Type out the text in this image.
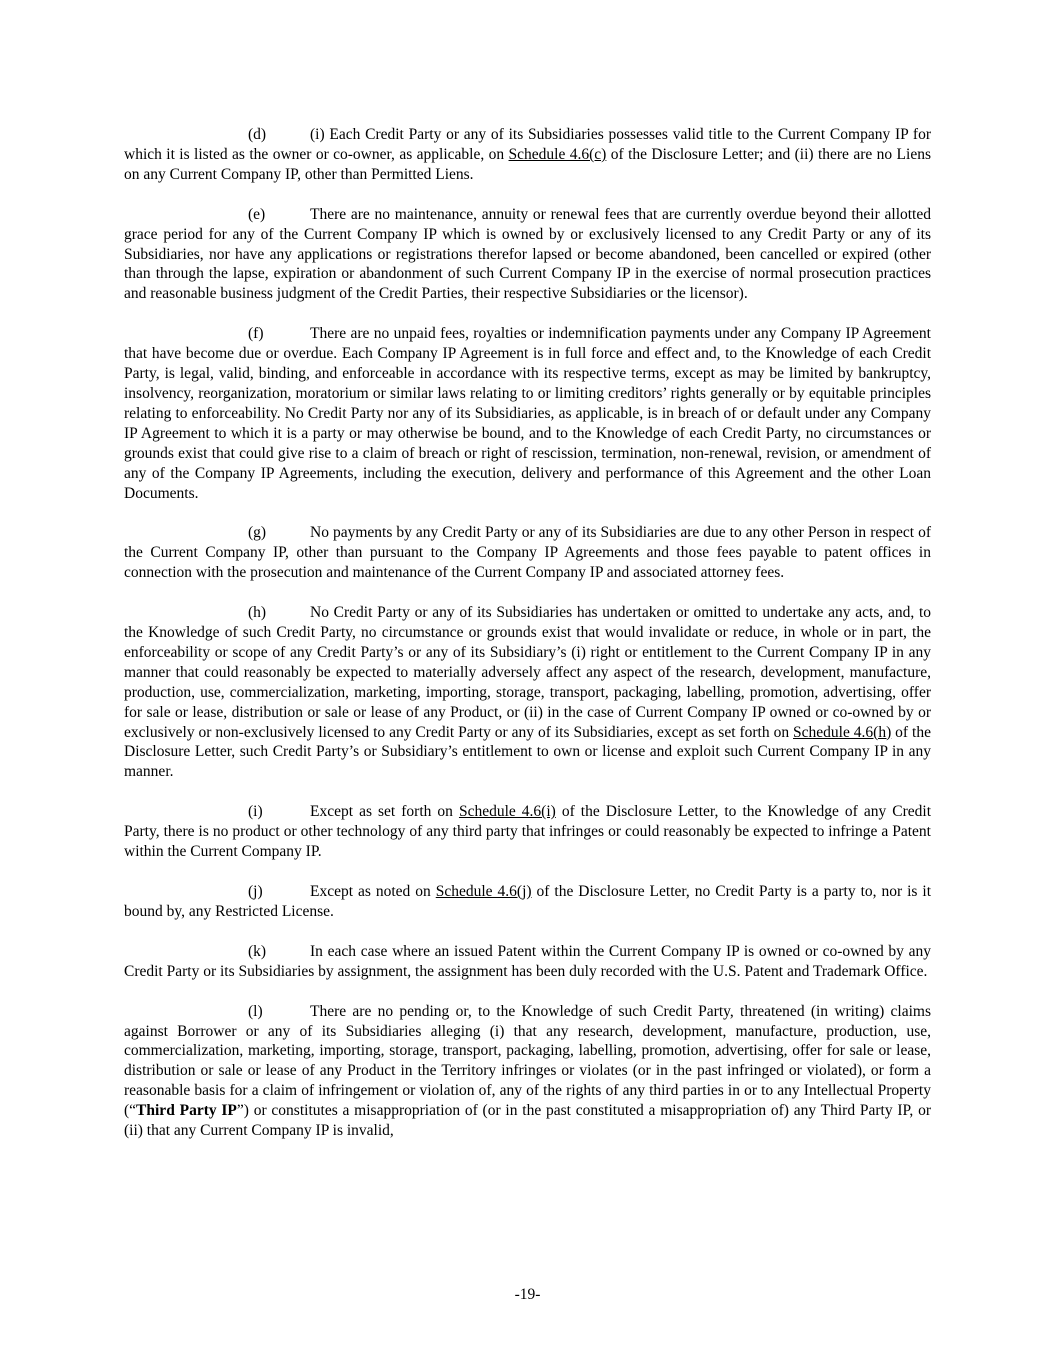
(d)	(i) Each Credit Party or any of its Subsidiaries possesses valid title to the Current Company IP for which it is listed as the owner or co-owner, as applicable, on Schedule 4.6(c) of the Disclosure Letter; and (ii) there are no Liens on any Current Company IP, other than Permitted Liens.

(e)	There are no maintenance, annuity or renewal fees that are currently overdue beyond their allotted grace period for any of the Current Company IP which is owned by or exclusively licensed to any Credit Party or any of its Subsidiaries, nor have any applications or registrations therefor lapsed or become abandoned, been cancelled or expired (other than through the lapse, expiration or abandonment of such Current Company IP in the exercise of normal prosecution practices and reasonable business judgment of the Credit Parties, their respective Subsidiaries or the licensor).

(f)	There are no unpaid fees, royalties or indemnification payments under any Company IP Agreement that have become due or overdue. Each Company IP Agreement is in full force and effect and, to the Knowledge of each Credit Party, is legal, valid, binding, and enforceable in accordance with its respective terms, except as may be limited by bankruptcy, insolvency, reorganization, moratorium or similar laws relating to or limiting creditors’ rights generally or by equitable principles relating to enforceability. No Credit Party nor any of its Subsidiaries, as applicable, is in breach of or default under any Company IP Agreement to which it is a party or may otherwise be bound, and to the Knowledge of each Credit Party, no circumstances or grounds exist that could give rise to a claim of breach or right of rescission, termination, non-renewal, revision, or amendment of any of the Company IP Agreements, including the execution, delivery and performance of this Agreement and the other Loan Documents.

(g)	No payments by any Credit Party or any of its Subsidiaries are due to any other Person in respect of the Current Company IP, other than pursuant to the Company IP Agreements and those fees payable to patent offices in connection with the prosecution and maintenance of the Current Company IP and associated attorney fees.

(h)	No Credit Party or any of its Subsidiaries has undertaken or omitted to undertake any acts, and, to the Knowledge of such Credit Party, no circumstance or grounds exist that would invalidate or reduce, in whole or in part, the enforceability or scope of any Credit Party’s or any of its Subsidiary’s (i) right or entitlement to the Current Company IP in any manner that could reasonably be expected to materially adversely affect any aspect of the research, development, manufacture, production, use, commercialization, marketing, importing, storage, transport, packaging, labelling, promotion, advertising, offer for sale or lease, distribution or sale or lease of any Product, or (ii) in the case of Current Company IP owned or co-owned by or exclusively or non-exclusively licensed to any Credit Party or any of its Subsidiaries, except as set forth on Schedule 4.6(h) of the Disclosure Letter, such Credit Party’s or Subsidiary’s entitlement to own or license and exploit such Current Company IP in any manner.

(i)	Except as set forth on Schedule 4.6(i) of the Disclosure Letter, to the Knowledge of any Credit Party, there is no product or other technology of any third party that infringes or could reasonably be expected to infringe a Patent within the Current Company IP.

(j)	Except as noted on Schedule 4.6(j) of the Disclosure Letter, no Credit Party is a party to, nor is it bound by, any Restricted License.

(k)	In each case where an issued Patent within the Current Company IP is owned or co-owned by any Credit Party or its Subsidiaries by assignment, the assignment has been duly recorded with the U.S. Patent and Trademark Office.

(l)	There are no pending or, to the Knowledge of such Credit Party, threatened (in writing) claims against Borrower or any of its Subsidiaries alleging (i) that any research, development, manufacture, production, use, commercialization, marketing, importing, storage, transport, packaging, labelling, promotion, advertising, offer for sale or lease, distribution or sale or lease of any Product in the Territory infringes or violates (or in the past infringed or violated), or form a reasonable basis for a claim of infringement or violation of, any of the rights of any third parties in or to any Intellectual Property (“Third Party IP”) or constitutes a misappropriation of (or in the past constituted a misappropriation of) any Third Party IP, or (ii) that any Current Company IP is invalid,

-19-
